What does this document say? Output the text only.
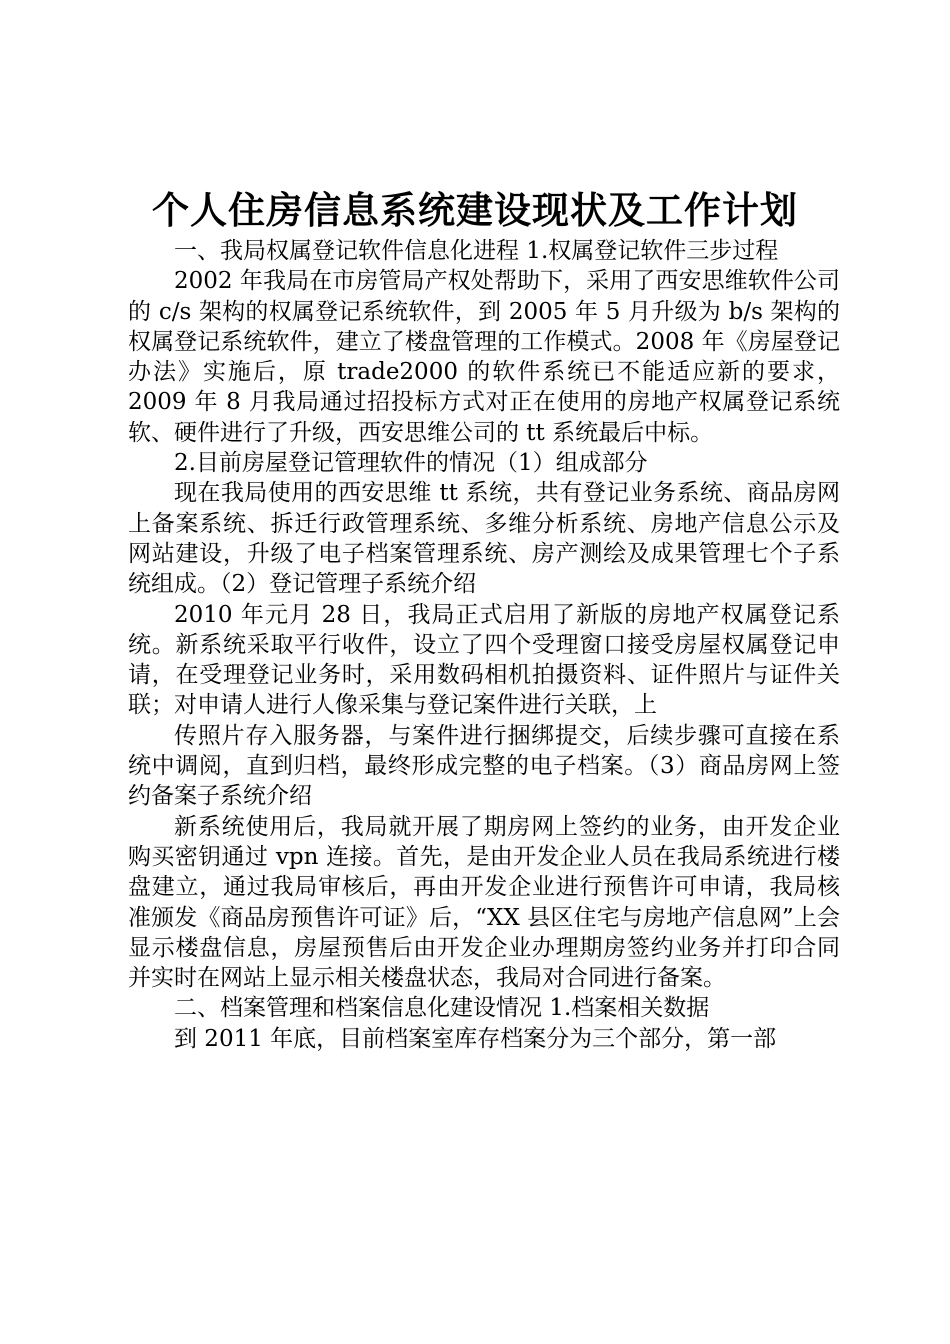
个人住房信息系统建设现状及工作计划

一、我局权属登记软件信息化进程 1.权属登记软件三步过程

2002 年我局在市房管局产权处帮助下，采用了西安思维软件公司的 c/s 架构的权属登记系统软件，到 2005 年 5 月升级为 b/s 架构的权属登记系统软件，建立了楼盘管理的工作模式。2008 年《房屋登记办法》实施后，原 trade2000 的软件系统已不能适应新的要求，2009 年 8 月我局通过招投标方式对正在使用的房地产权属登记系统软、硬件进行了升级，西安思维公司的 tt 系统最后中标。

2.目前房屋登记管理软件的情况（1）组成部分

现在我局使用的西安思维 tt 系统，共有登记业务系统、商品房网上备案系统、拆迁行政管理系统、多维分析系统、房地产信息公示及网站建设，升级了电子档案管理系统、房产测绘及成果管理七个子系统组成。（2）登记管理子系统介绍

2010 年元月 28 日，我局正式启用了新版的房地产权属登记系统。新系统采取平行收件，设立了四个受理窗口接受房屋权属登记申请，在受理登记业务时，采用数码相机拍摄资料、证件照片与证件关联；对申请人进行人像采集与登记案件进行关联，上

传照片存入服务器，与案件进行捆绑提交，后续步骤可直接在系统中调阅，直到归档，最终形成完整的电子档案。（3）商品房网上签约备案子系统介绍

新系统使用后，我局就开展了期房网上签约的业务，由开发企业购买密钥通过 vpn 连接。首先，是由开发企业人员在我局系统进行楼盘建立，通过我局审核后，再由开发企业进行预售许可申请，我局核准颁发《商品房预售许可证》后，“XX 县区住宅与房地产信息网”上会显示楼盘信息，房屋预售后由开发企业办理期房签约业务并打印合同并实时在网站上显示相关楼盘状态，我局对合同进行备案。

二、档案管理和档案信息化建设情况 1.档案相关数据

到 2011 年底，目前档案室库存档案分为三个部分，第一部
